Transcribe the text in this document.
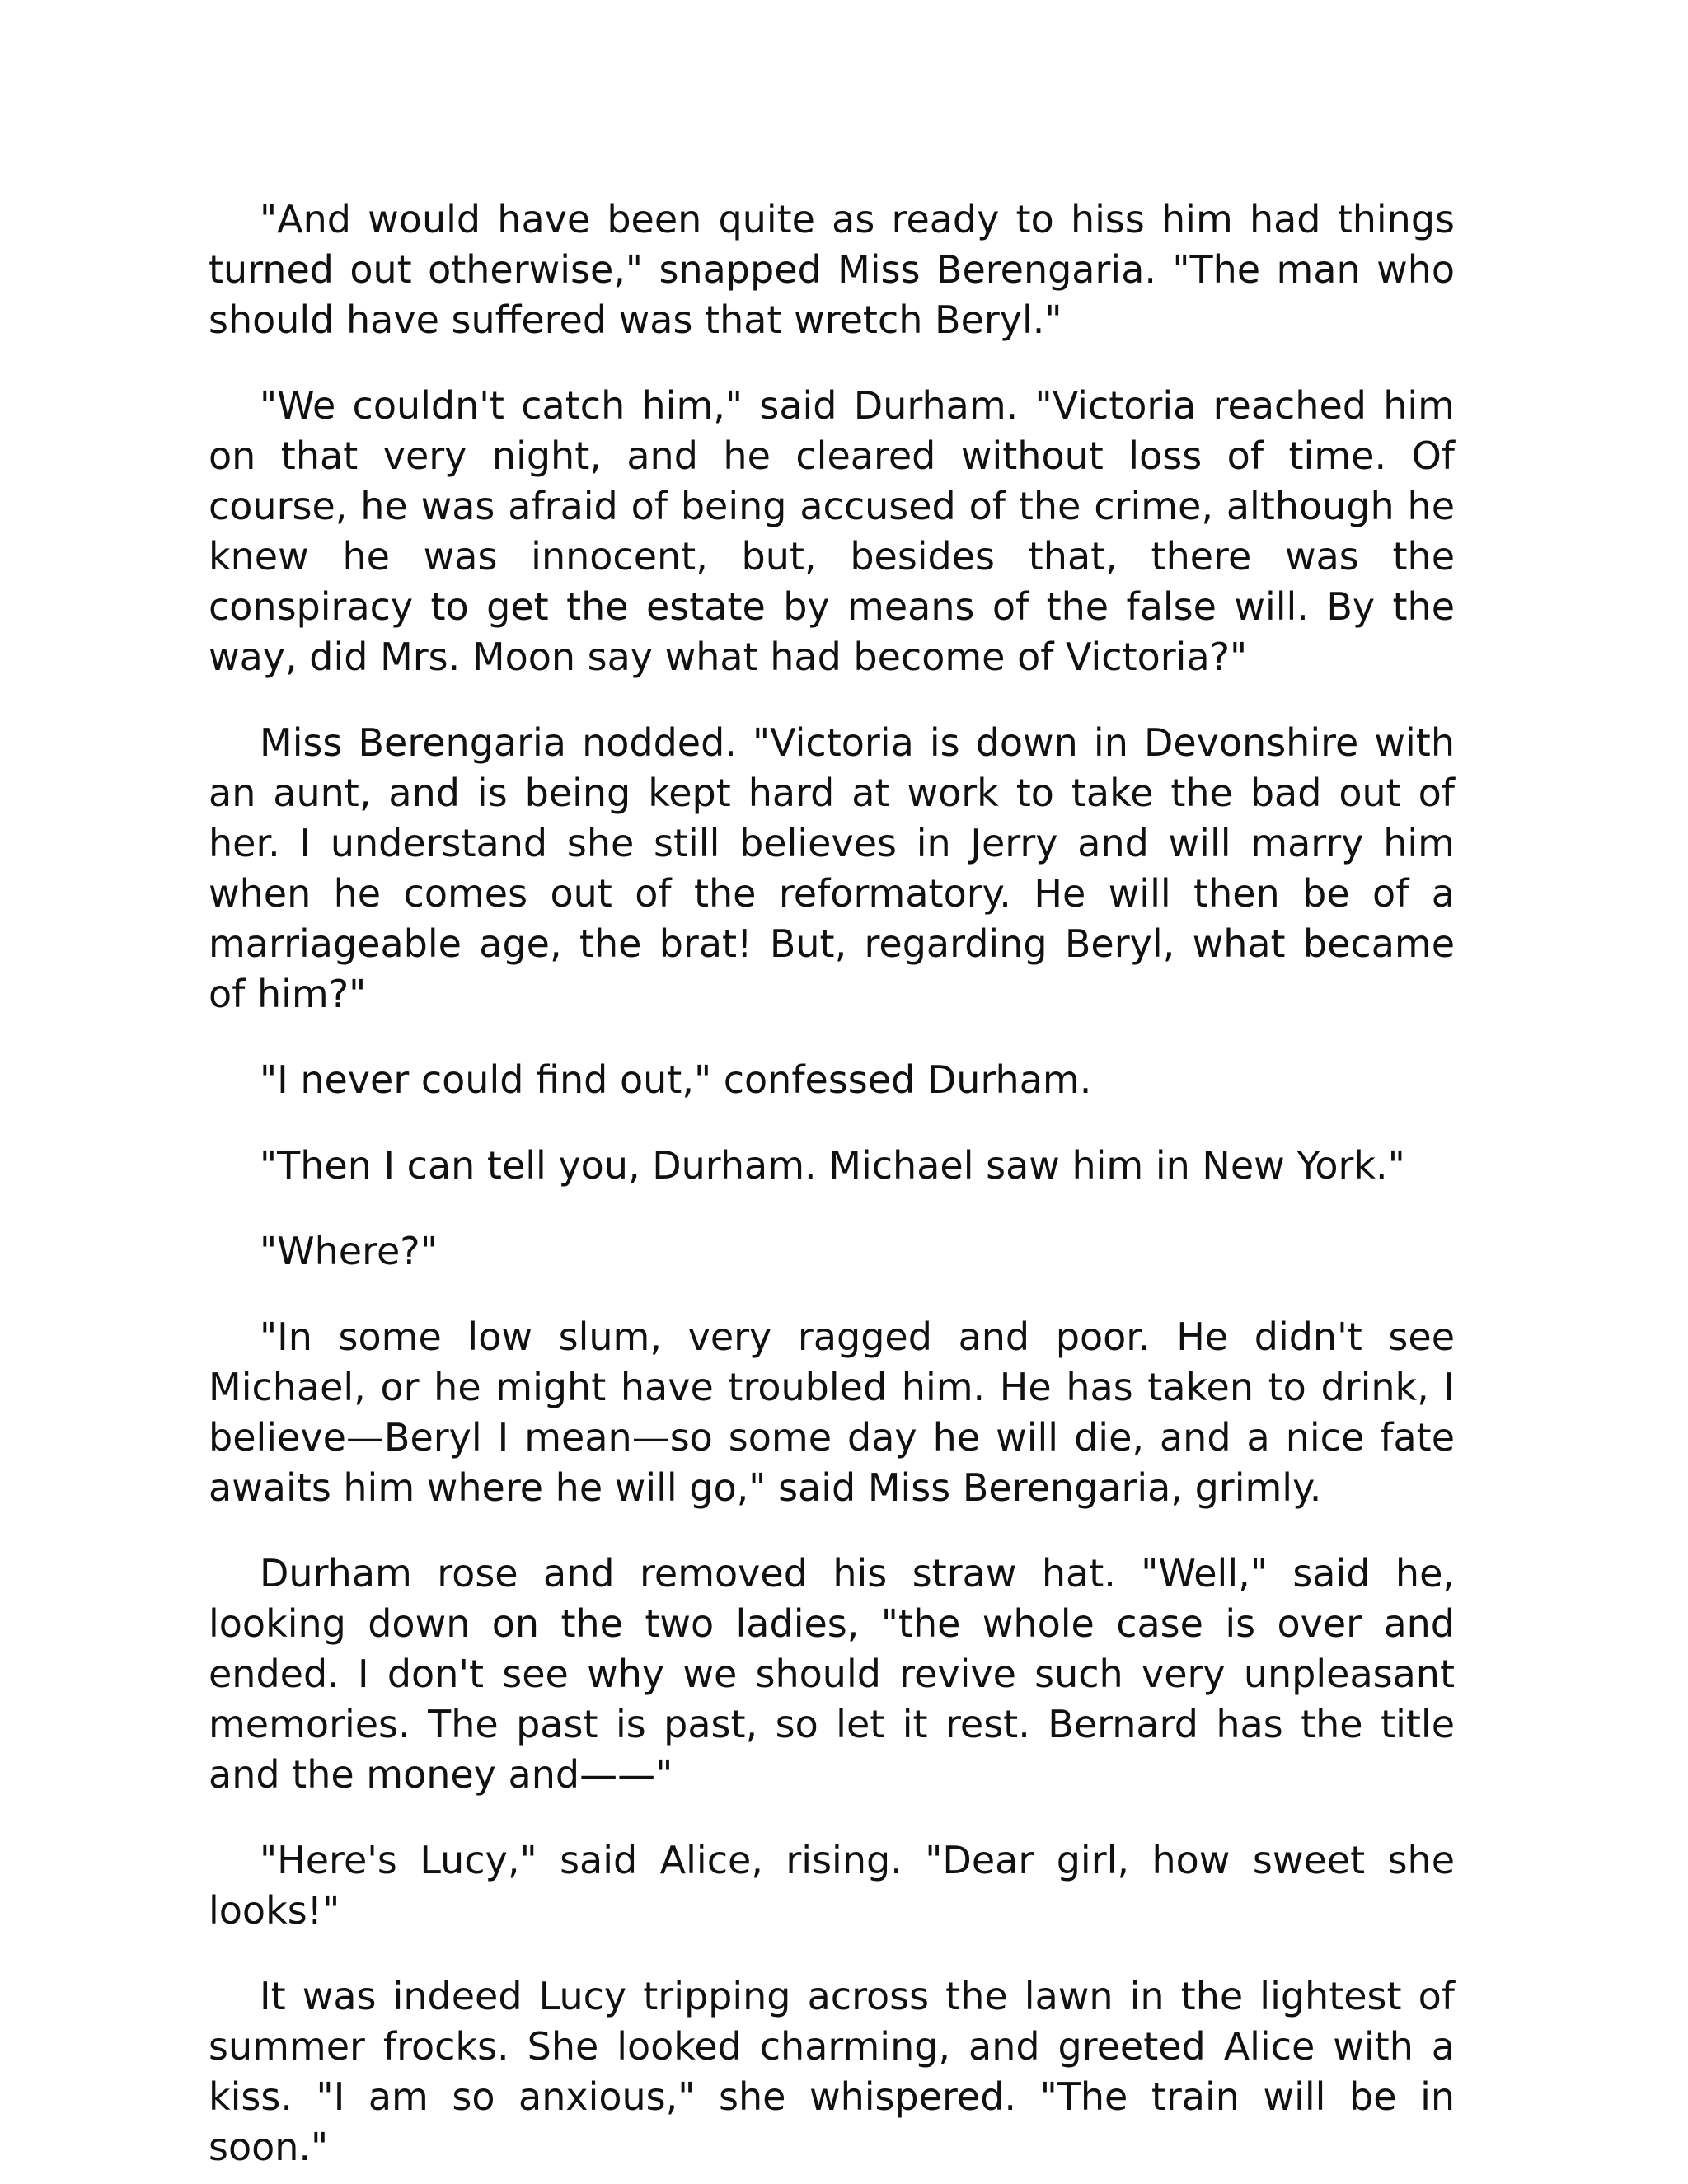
"And would have been quite as ready to hiss him had things turned out otherwise," snapped Miss Berengaria. "The man who should have suffered was that wretch Beryl."

"We couldn't catch him," said Durham. "Victoria reached him on that very night, and he cleared without loss of time. Of course, he was afraid of being accused of the crime, although he knew he was innocent, but, besides that, there was the conspiracy to get the estate by means of the false will. By the way, did Mrs. Moon say what had become of Victoria?"

Miss Berengaria nodded. "Victoria is down in Devonshire with an aunt, and is being kept hard at work to take the bad out of her. I understand she still believes in Jerry and will marry him when he comes out of the reformatory. He will then be of a marriageable age, the brat! But, regarding Beryl, what became of him?"

"I never could find out," confessed Durham.

"Then I can tell you, Durham. Michael saw him in New York."

"Where?"

"In some low slum, very ragged and poor. He didn't see Michael, or he might have troubled him. He has taken to drink, I believe—Beryl I mean—so some day he will die, and a nice fate awaits him where he will go," said Miss Berengaria, grimly.

Durham rose and removed his straw hat. "Well," said he, looking down on the two ladies, "the whole case is over and ended. I don't see why we should revive such very unpleasant memories. The past is past, so let it rest. Bernard has the title and the money and——"

"Here's Lucy," said Alice, rising. "Dear girl, how sweet she looks!"

It was indeed Lucy tripping across the lawn in the lightest of summer frocks. She looked charming, and greeted Alice with a kiss. "I am so anxious," she whispered. "The train will be in soon."
